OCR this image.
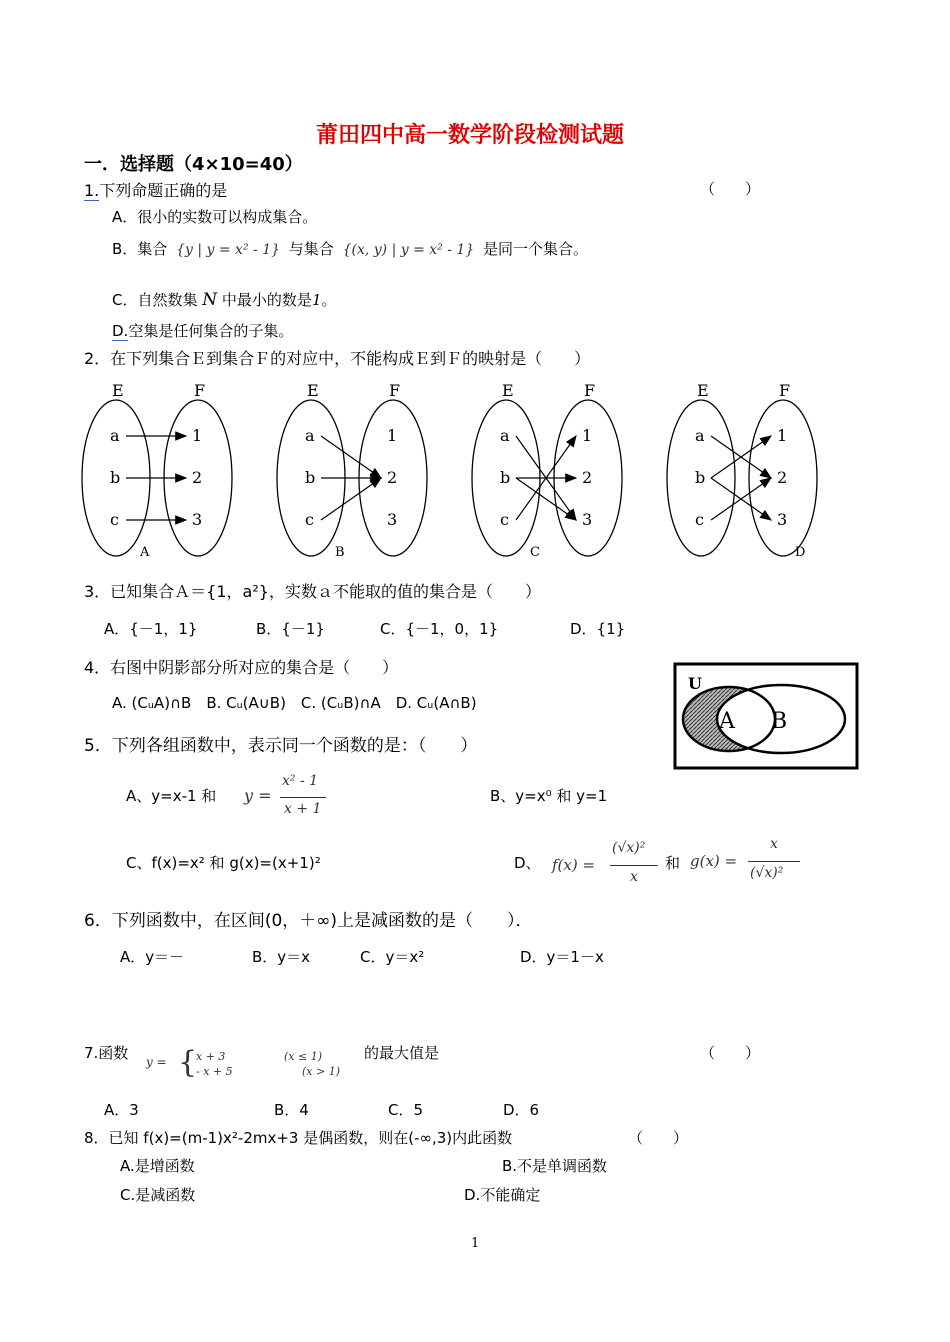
莆田四中高一数学阶段检测试题
一．选择题（4×10=40）
1.下列命题正确的是	（　　）
A．很小的实数可以构成集合。
B．集合 {y | y = x² - 1} 与集合 {(x, y) | y = x² - 1} 是同一个集合。
C．自然数集 N 中最小的数是1。
D.空集是任何集合的子集。
2．在下列集合Ｅ到集合Ｆ的对应中，不能构成Ｅ到Ｆ的映射是（　　）
E	F
a
b
c
1
2
3
A
E	F
a
b
c
1
2
3
B
E	F
a
b
c
1
2
3
C
E	F
a
b
c
1
2
3
D
3．已知集合Ａ＝{1，a²}，实数ａ不能取的值的集合是（　　）
A．{－1，1}	B．{－1}	C．{－1，0，1}	D．{1}
4．右图中阴影部分所对应的集合是（　　）
A. (CᵤA)∩B　B. Cᵤ(A∪B)　C. (CᵤB)∩A　D. Cᵤ(A∩B)
U
A B
5．下列各组函数中，表示同一个函数的是：（　　）
A、y=x-1 和 y =
x² - 1
x + 1
B、y=x⁰ 和 y=1
C、f(x)=x² 和 g(x)=(x+1)²	D、 f(x) =
(√x)²
x
和 g(x) =
x
(√x)²
6．下列函数中，在区间(0，＋∞)上是减函数的是（　　）．
A．y＝－	B．y＝x	C．y＝x²	D．y＝1－x
7.函数 y = {
x + 3
- x + 5
(x ≤ 1)
(x > 1)
的最大值是	（　　）
A．3	B．4	C．5	D．6
8．已知 f(x)=(m-1)x²-2mx+3 是偶函数，则在(-∞,3)内此函数	（　　）
A.是增函数	B.不是单调函数
C.是减函数	D.不能确定
1
